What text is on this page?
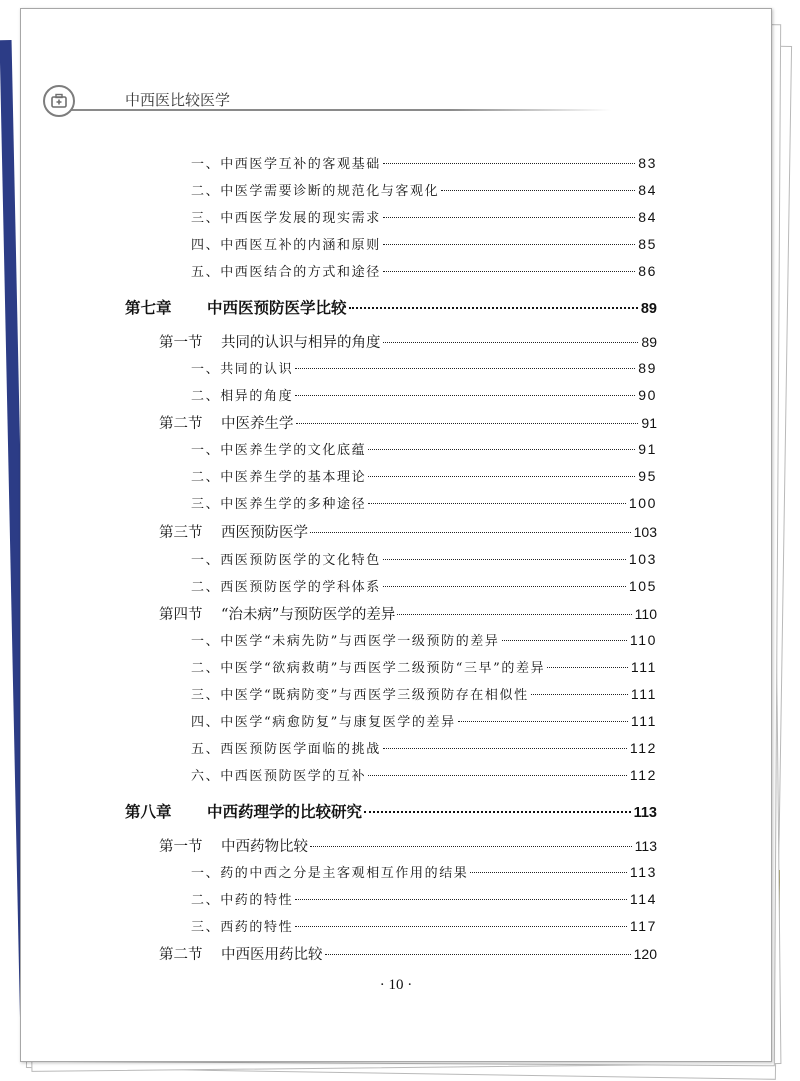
中西医比较医学
一、中西医学互补的客观基础	83
二、中医学需要诊断的规范化与客观化	84
三、中西医学发展的现实需求	84
四、中西医互补的内涵和原则	85
五、中西医结合的方式和途径	86
第七章 中西医预防医学比较	89
第一节 共同的认识与相异的角度	89
一、共同的认识	89
二、相异的角度	90
第二节 中医养生学	91
一、中医养生学的文化底蕴	91
二、中医养生学的基本理论	95
三、中医养生学的多种途径	100
第三节 西医预防医学	103
一、西医预防医学的文化特色	103
二、西医预防医学的学科体系	105
第四节 “治未病”与预防医学的差异	110
一、中医学“未病先防”与西医学一级预防的差异	110
二、中医学“欲病救萌”与西医学二级预防“三早”的差异	111
三、中医学“既病防变”与西医学三级预防存在相似性	111
四、中医学“病愈防复”与康复医学的差异	111
五、西医预防医学面临的挑战	112
六、中西医预防医学的互补	112
第八章 中西药理学的比较研究	113
第一节 中西药物比较	113
一、药的中西之分是主客观相互作用的结果	113
二、中药的特性	114
三、西药的特性	117
第二节 中西医用药比较	120
· 10 ·
